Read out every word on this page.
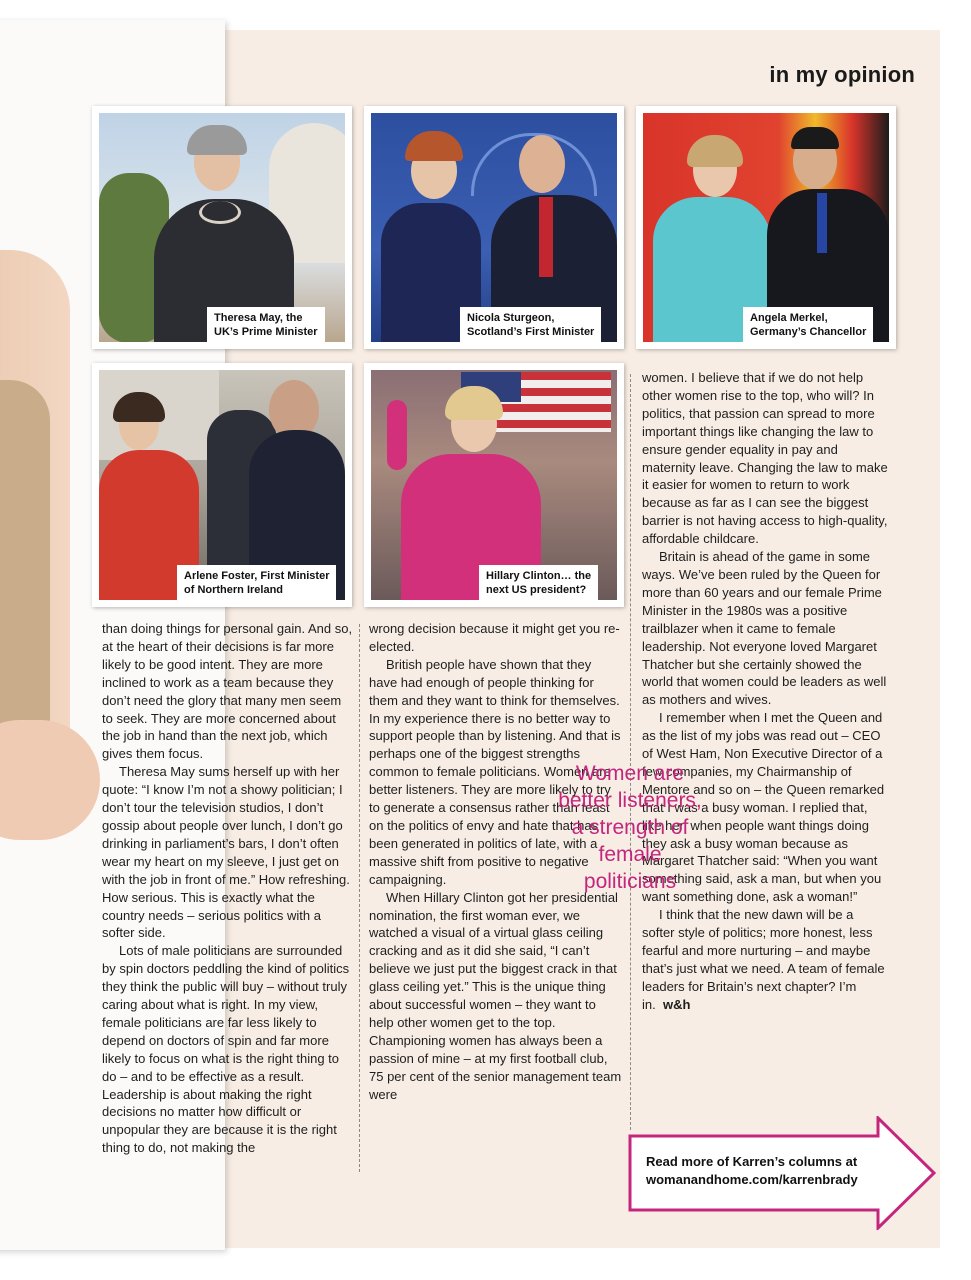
in my opinion
Theresa May, the
UK’s Prime Minister
Nicola Sturgeon,
Scotland’s First Minister
Angela Merkel,
Germany’s Chancellor
Arlene Foster, First Minister
of Northern Ireland
Hillary Clinton… the
next US president?

than doing things for personal gain. And so, at the heart of their decisions is far more likely to be good intent. They are more inclined to work as a team because they don’t need the glory that many men seem to seek. They are more concerned about the job in hand than the next job, which gives them focus.

Theresa May sums herself up with her quote: “I know I’m not a showy politician; I don’t tour the television studios, I don’t gossip about people over lunch, I don’t go drinking in parliament’s bars, I don’t often wear my heart on my sleeve, I just get on with the job in front of me.” How refreshing. How serious. This is exactly what the country needs – serious politics with a softer side.

Lots of male politicians are surrounded by spin doctors peddling the kind of politics they think the public will buy – without truly caring about what is right. In my view, female politicians are far less likely to depend on doctors of spin and far more likely to focus on what is the right thing to do – and to be effective as a result. Leadership is about making the right decisions no matter how difficult or unpopular they are because it is the right thing to do, not making the

wrong decision because it might get you re-elected.

British people have shown that they have had enough of people thinking for them and they want to think for themselves. In my experience there is no better way to support people than by listening. And that is perhaps one of the biggest strengths common to female politicians. Women are better listeners. They are more likely to try to generate a consensus rather than feast on the politics of envy and hate that has been generated in politics of late, with a massive shift from positive to negative campaigning.

When Hillary Clinton got her presidential nomination, the first woman ever, we watched a visual of a virtual glass ceiling cracking and as it did she said, “I can’t believe we just put the biggest crack in that glass ceiling yet.” This is the unique thing about successful women – they want to help other women get to the top. Championing women has always been a passion of mine – at my first football club, 75 per cent of the senior management team were

women. I believe that if we do not help other women rise to the top, who will? In politics, that passion can spread to more important things like changing the law to ensure gender equality in pay and maternity leave. Changing the law to make it easier for women to return to work because as far as I can see the biggest barrier is not having access to high-quality, affordable childcare.

Britain is ahead of the game in some ways. We’ve been ruled by the Queen for more than 60 years and our female Prime Minister in the 1980s was a positive trailblazer when it came to female leadership. Not everyone loved Margaret Thatcher but she certainly showed the world that women could be leaders as well as mothers and wives.

I remember when I met the Queen and as the list of my jobs was read out – CEO of West Ham, Non Executive Director of a few companies, my Chairmanship of Mentore and so on – the Queen remarked that I was a busy woman. I replied that, like her, when people want things doing they ask a busy woman because as Margaret Thatcher said: “When you want something said, ask a man, but when you want something done, ask a woman!”

I think that the new dawn will be a softer style of politics; more honest, less fearful and more nurturing – and maybe that’s just what we need. A team of female leaders for Britain’s next chapter? I’m in. w&h

Women are better listeners, a strength of female politicians
Read more of Karren’s columns at
womanandhome.com/karrenbrady
